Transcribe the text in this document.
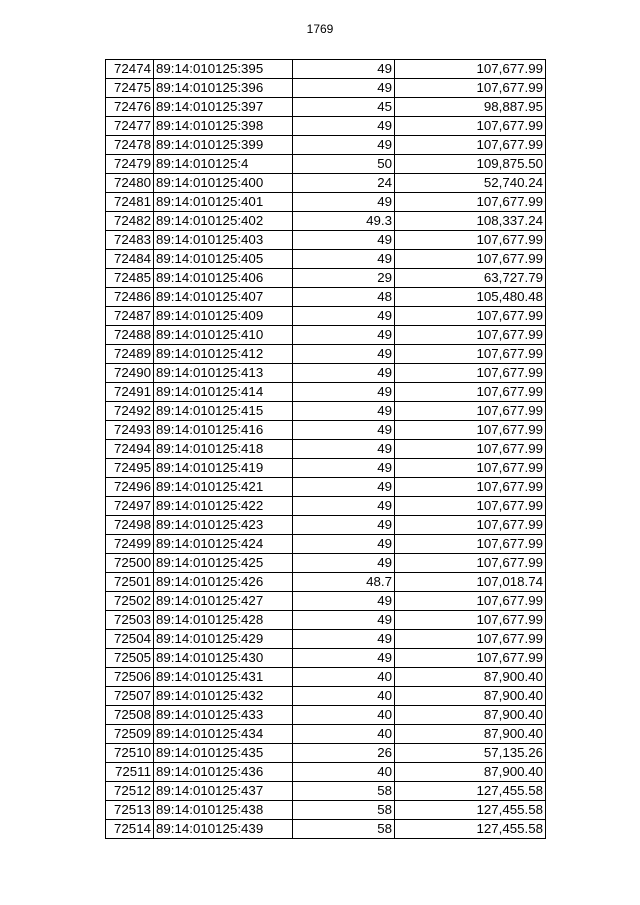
1769
72474	89:14:010125:395	49	107,677.99
72475	89:14:010125:396	49	107,677.99
72476	89:14:010125:397	45	98,887.95
72477	89:14:010125:398	49	107,677.99
72478	89:14:010125:399	49	107,677.99
72479	89:14:010125:4	50	109,875.50
72480	89:14:010125:400	24	52,740.24
72481	89:14:010125:401	49	107,677.99
72482	89:14:010125:402	49.3	108,337.24
72483	89:14:010125:403	49	107,677.99
72484	89:14:010125:405	49	107,677.99
72485	89:14:010125:406	29	63,727.79
72486	89:14:010125:407	48	105,480.48
72487	89:14:010125:409	49	107,677.99
72488	89:14:010125:410	49	107,677.99
72489	89:14:010125:412	49	107,677.99
72490	89:14:010125:413	49	107,677.99
72491	89:14:010125:414	49	107,677.99
72492	89:14:010125:415	49	107,677.99
72493	89:14:010125:416	49	107,677.99
72494	89:14:010125:418	49	107,677.99
72495	89:14:010125:419	49	107,677.99
72496	89:14:010125:421	49	107,677.99
72497	89:14:010125:422	49	107,677.99
72498	89:14:010125:423	49	107,677.99
72499	89:14:010125:424	49	107,677.99
72500	89:14:010125:425	49	107,677.99
72501	89:14:010125:426	48.7	107,018.74
72502	89:14:010125:427	49	107,677.99
72503	89:14:010125:428	49	107,677.99
72504	89:14:010125:429	49	107,677.99
72505	89:14:010125:430	49	107,677.99
72506	89:14:010125:431	40	87,900.40
72507	89:14:010125:432	40	87,900.40
72508	89:14:010125:433	40	87,900.40
72509	89:14:010125:434	40	87,900.40
72510	89:14:010125:435	26	57,135.26
72511	89:14:010125:436	40	87,900.40
72512	89:14:010125:437	58	127,455.58
72513	89:14:010125:438	58	127,455.58
72514	89:14:010125:439	58	127,455.58
